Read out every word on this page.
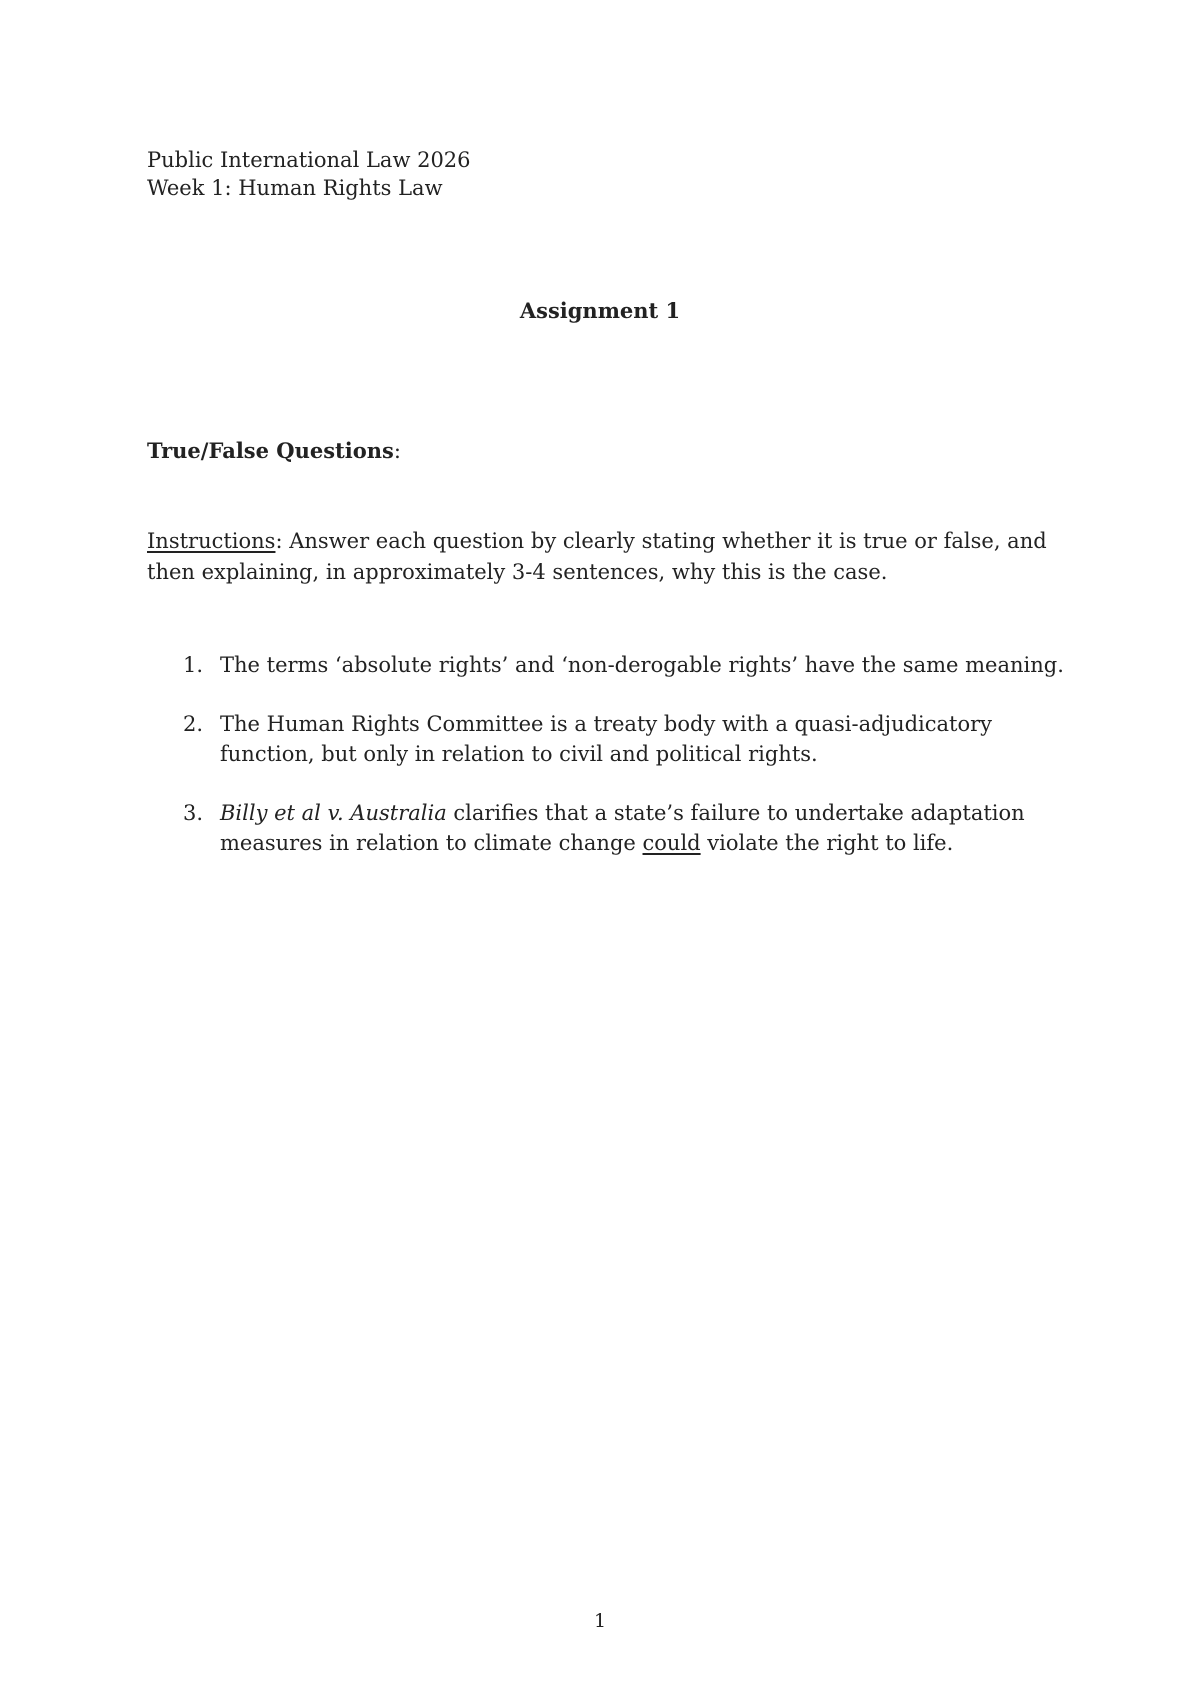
Public International Law 2026
Week 1: Human Rights Law
Assignment 1
True/False Questions:
Instructions: Answer each question by clearly stating whether it is true or false, and then explaining, in approximately 3-4 sentences, why this is the case.
1. The terms ‘absolute rights’ and ‘non-derogable rights’ have the same meaning.
2. The Human Rights Committee is a treaty body with a quasi-adjudicatory function, but only in relation to civil and political rights.
3. Billy et al v. Australia clarifies that a state’s failure to undertake adaptation measures in relation to climate change could violate the right to life.
1
